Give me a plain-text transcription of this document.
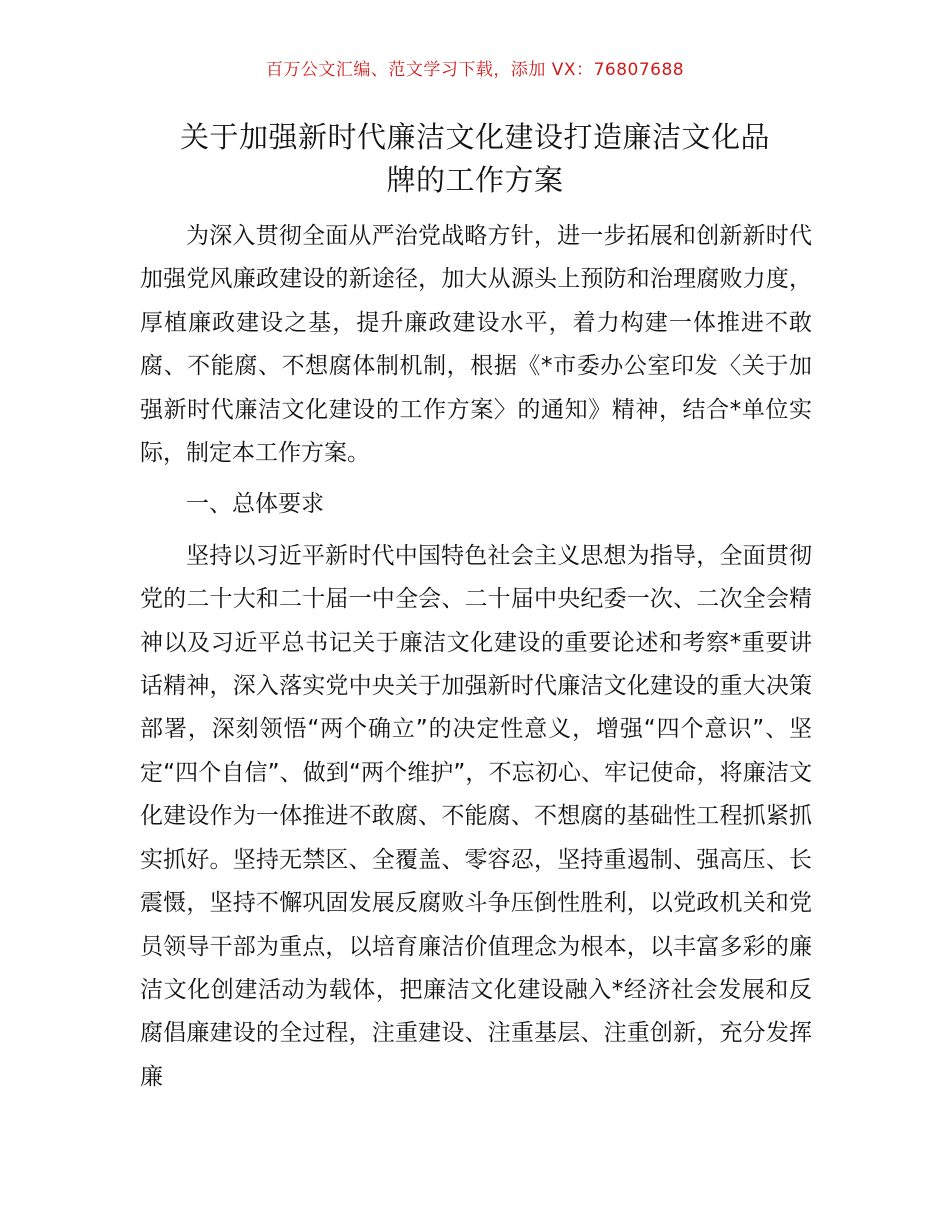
百万公文汇编、范文学习下载，添加 VX：76807688
关于加强新时代廉洁文化建设打造廉洁文化品
牌的工作方案

为深入贯彻全面从严治党战略方针，进一步拓展和创新新时代加强党风廉政建设的新途径，加大从源头上预防和治理腐败力度，厚植廉政建设之基，提升廉政建设水平，着力构建一体推进不敢腐、不能腐、不想腐体制机制，根据《*市委办公室印发〈关于加强新时代廉洁文化建设的工作方案〉的通知》精神，结合*单位实际，制定本工作方案。

一、总体要求

坚持以习近平新时代中国特色社会主义思想为指导，全面贯彻党的二十大和二十届一中全会、二十届中央纪委一次、二次全会精神以及习近平总书记关于廉洁文化建设的重要论述和考察*重要讲话精神，深入落实党中央关于加强新时代廉洁文化建设的重大决策部署，深刻领悟“两个确立”的决定性意义，增强“四个意识”、坚定“四个自信”、做到“两个维护”，不忘初心、牢记使命，将廉洁文化建设作为一体推进不敢腐、不能腐、不想腐的基础性工程抓紧抓实抓好。坚持无禁区、全覆盖、零容忍，坚持重遏制、强高压、长震慑，坚持不懈巩固发展反腐败斗争压倒性胜利，以党政机关和党员领导干部为重点，以培育廉洁价值理念为根本，以丰富多彩的廉洁文化创建活动为载体，把廉洁文化建设融入*经济社会发展和反腐倡廉建设的全过程，注重建设、注重基层、注重创新，充分发挥廉
